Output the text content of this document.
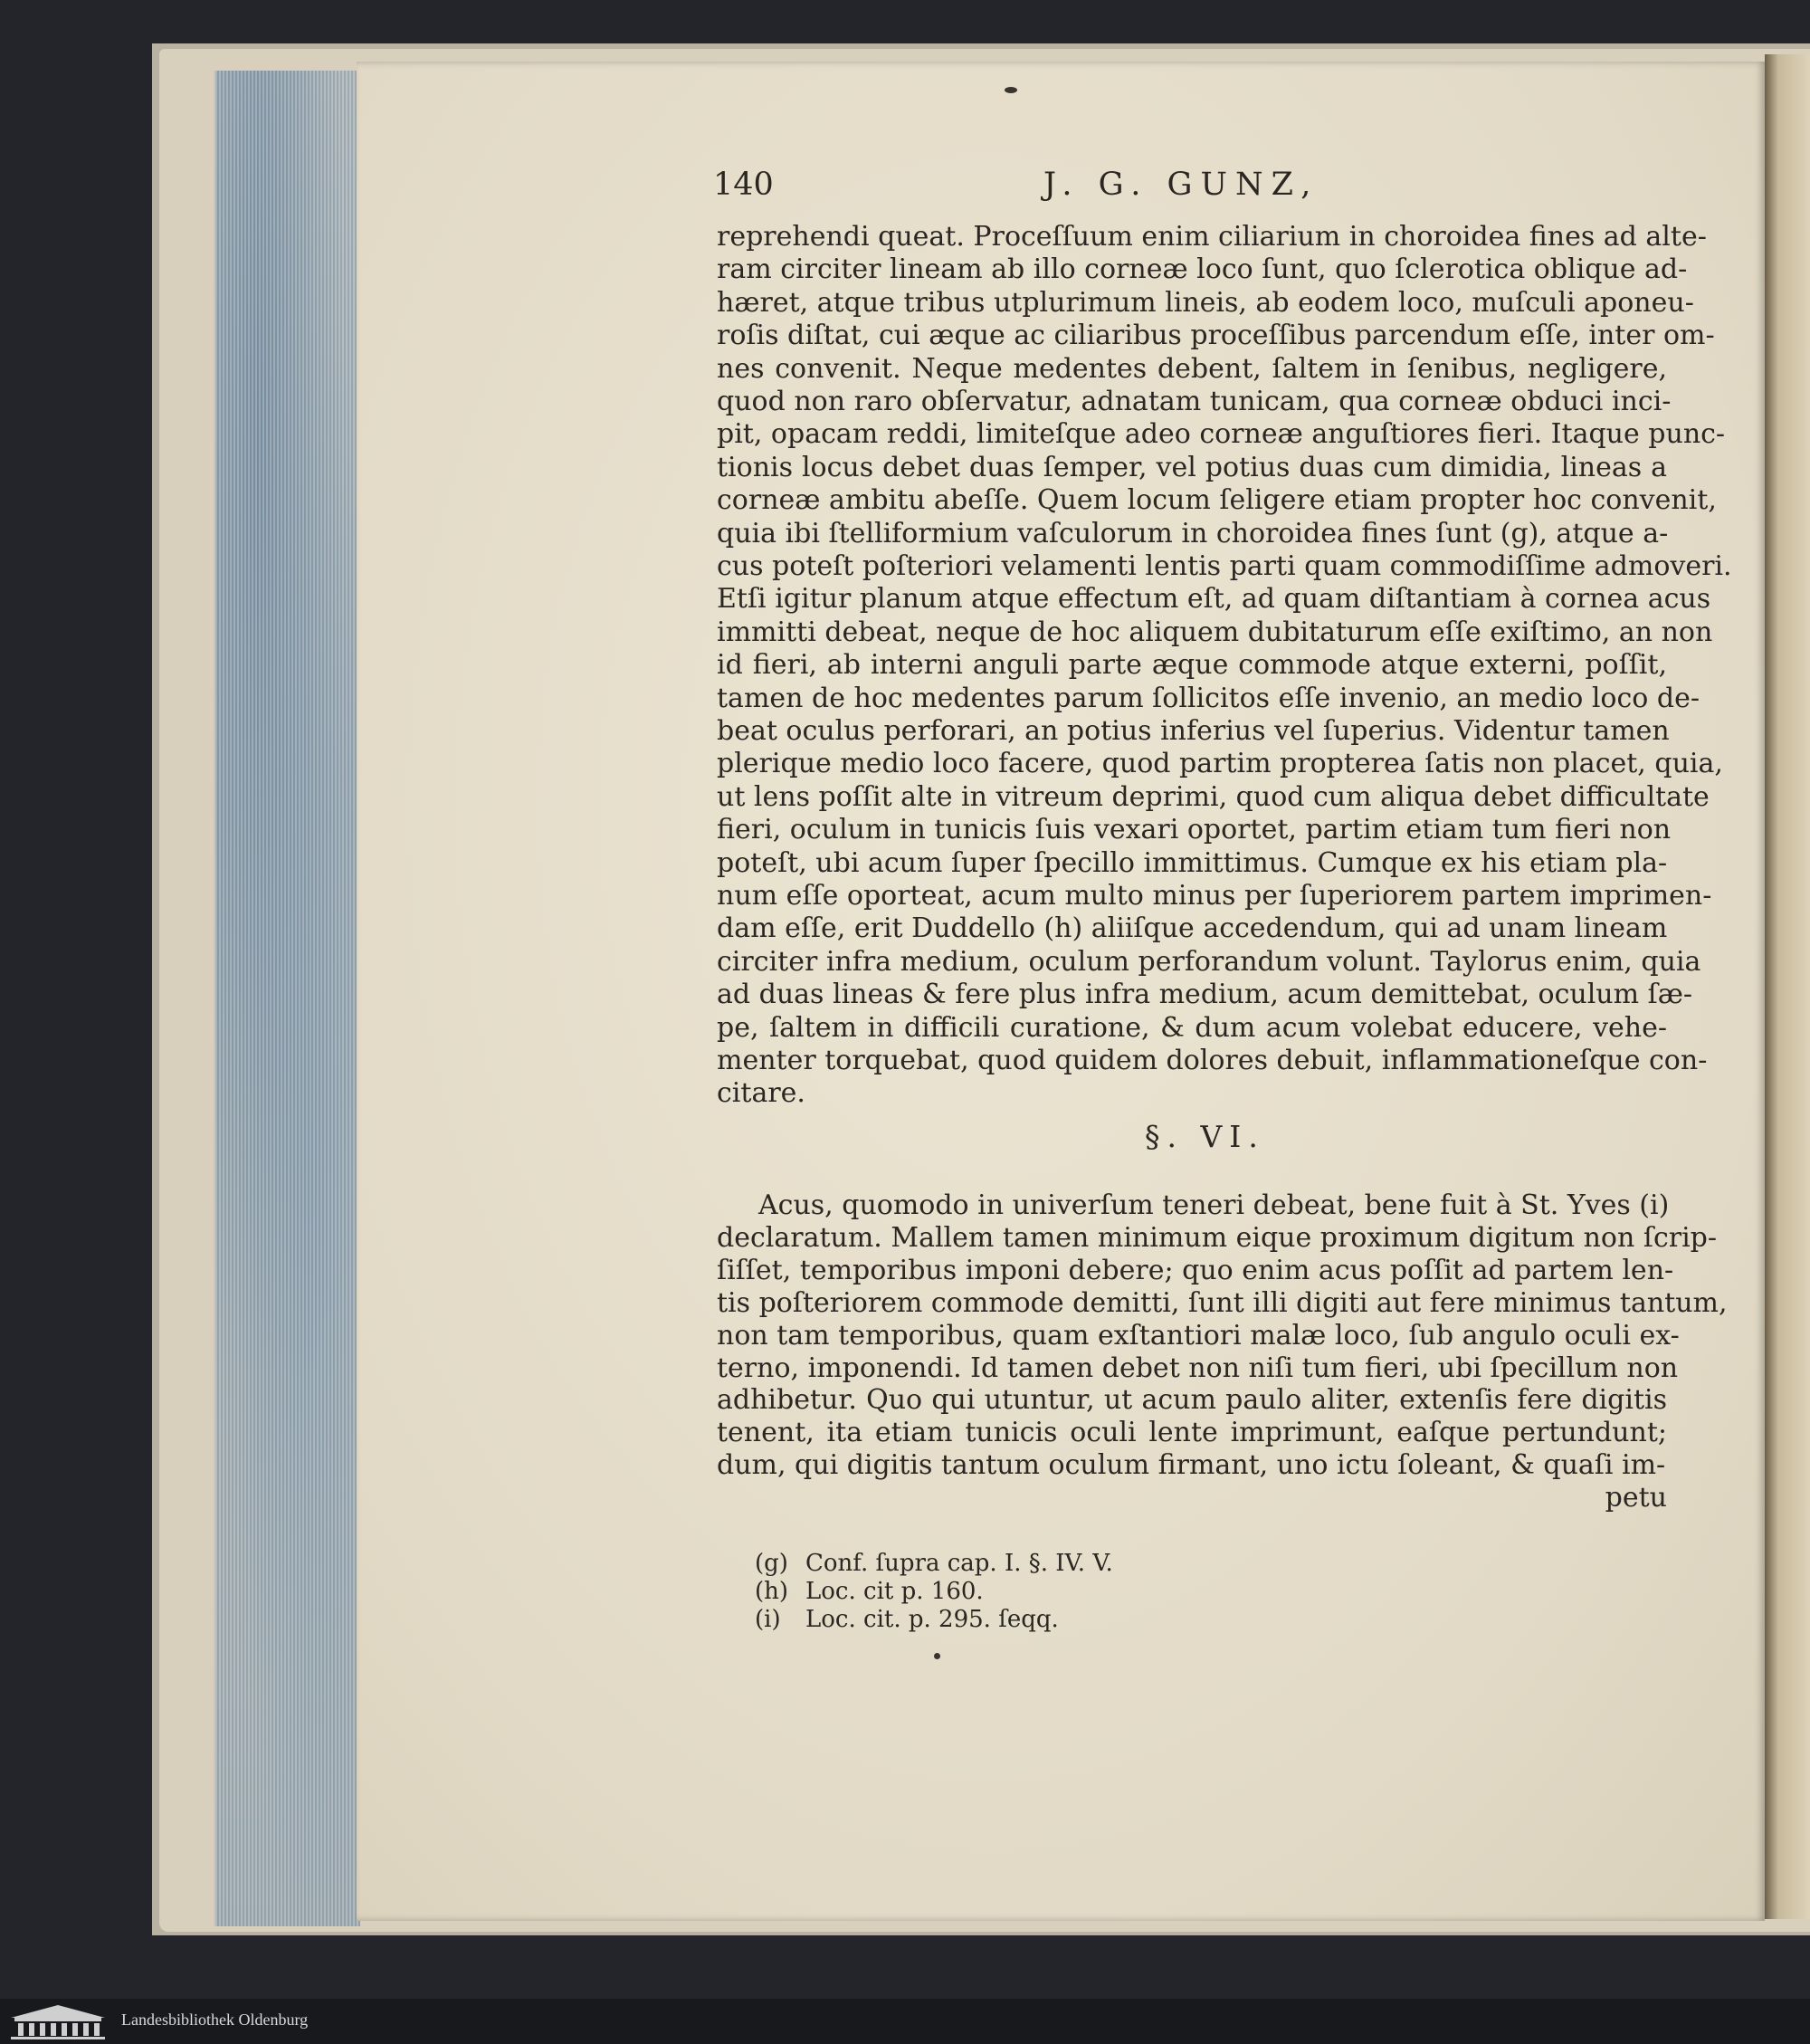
140	J. G. GUNZ,
reprehendi queat. Proceſſuum enim ciliarium in choroidea fines ad alte-
ram circiter lineam ab illo corneæ loco ſunt, quo ſclerotica oblique ad-
hæret, atque tribus utplurimum lineis, ab eodem loco, muſculi aponeu-
roſis diſtat, cui æque ac ciliaribus proceſſibus parcendum eſſe, inter om-
nes convenit. Neque medentes debent, ſaltem in ſenibus, negligere,
quod non raro obſervatur, adnatam tunicam, qua corneæ obduci inci-
pit, opacam reddi, limiteſque adeo corneæ anguſtiores fieri. Itaque punc-
tionis locus debet duas ſemper, vel potius duas cum dimidia, lineas a
corneæ ambitu abeſſe. Quem locum ſeligere etiam propter hoc convenit,
quia ibi ſtelliformium vaſculorum in choroidea fines ſunt (g), atque a-
cus poteſt poſteriori velamenti lentis parti quam commodiſſime admoveri.
Etſi igitur planum atque effectum eſt, ad quam diſtantiam à cornea acus
immitti debeat, neque de hoc aliquem dubitaturum eſſe exiſtimo, an non
id fieri, ab interni anguli parte æque commode atque externi, poſſit,
tamen de hoc medentes parum ſollicitos eſſe invenio, an medio loco de-
beat oculus perforari, an potius inferius vel ſuperius. Videntur tamen
plerique medio loco facere, quod partim propterea ſatis non placet, quia,
ut lens poſſit alte in vitreum deprimi, quod cum aliqua debet difficultate
fieri, oculum in tunicis ſuis vexari oportet, partim etiam tum fieri non
poteſt, ubi acum ſuper ſpecillo immittimus. Cumque ex his etiam pla-
num eſſe oporteat, acum multo minus per ſuperiorem partem imprimen-
dam eſſe, erit Duddello (h) aliiſque accedendum, qui ad unam lineam
circiter infra medium, oculum perforandum volunt. Taylorus enim, quia
ad duas lineas & fere plus infra medium, acum demittebat, oculum ſæ-
pe, ſaltem in difficili curatione, & dum acum volebat educere, vehe-
menter torquebat, quod quidem dolores debuit, inflammationeſque con-
citare.
§. VI.
Acus, quomodo in univerſum teneri debeat, bene fuit à St. Yves (i)
declaratum. Mallem tamen minimum eique proximum digitum non ſcrip-
ſiſſet, temporibus imponi debere; quo enim acus poſſit ad partem len-
tis poſteriorem commode demitti, ſunt illi digiti aut fere minimus tantum,
non tam temporibus, quam exſtantiori malæ loco, ſub angulo oculi ex-
terno, imponendi. Id tamen debet non niſi tum fieri, ubi ſpecillum non
adhibetur. Quo qui utuntur, ut acum paulo aliter, extenſis fere digitis
tenent, ita etiam tunicis oculi lente imprimunt, eaſque pertundunt;
dum, qui digitis tantum oculum firmant, uno ictu ſoleant, & quaſi im-
petu
(g) Conf. ſupra cap. I. §. IV. V.
(h) Loc. cit p. 160.
(i) Loc. cit. p. 295. ſeqq.
Landesbibliothek Oldenburg
